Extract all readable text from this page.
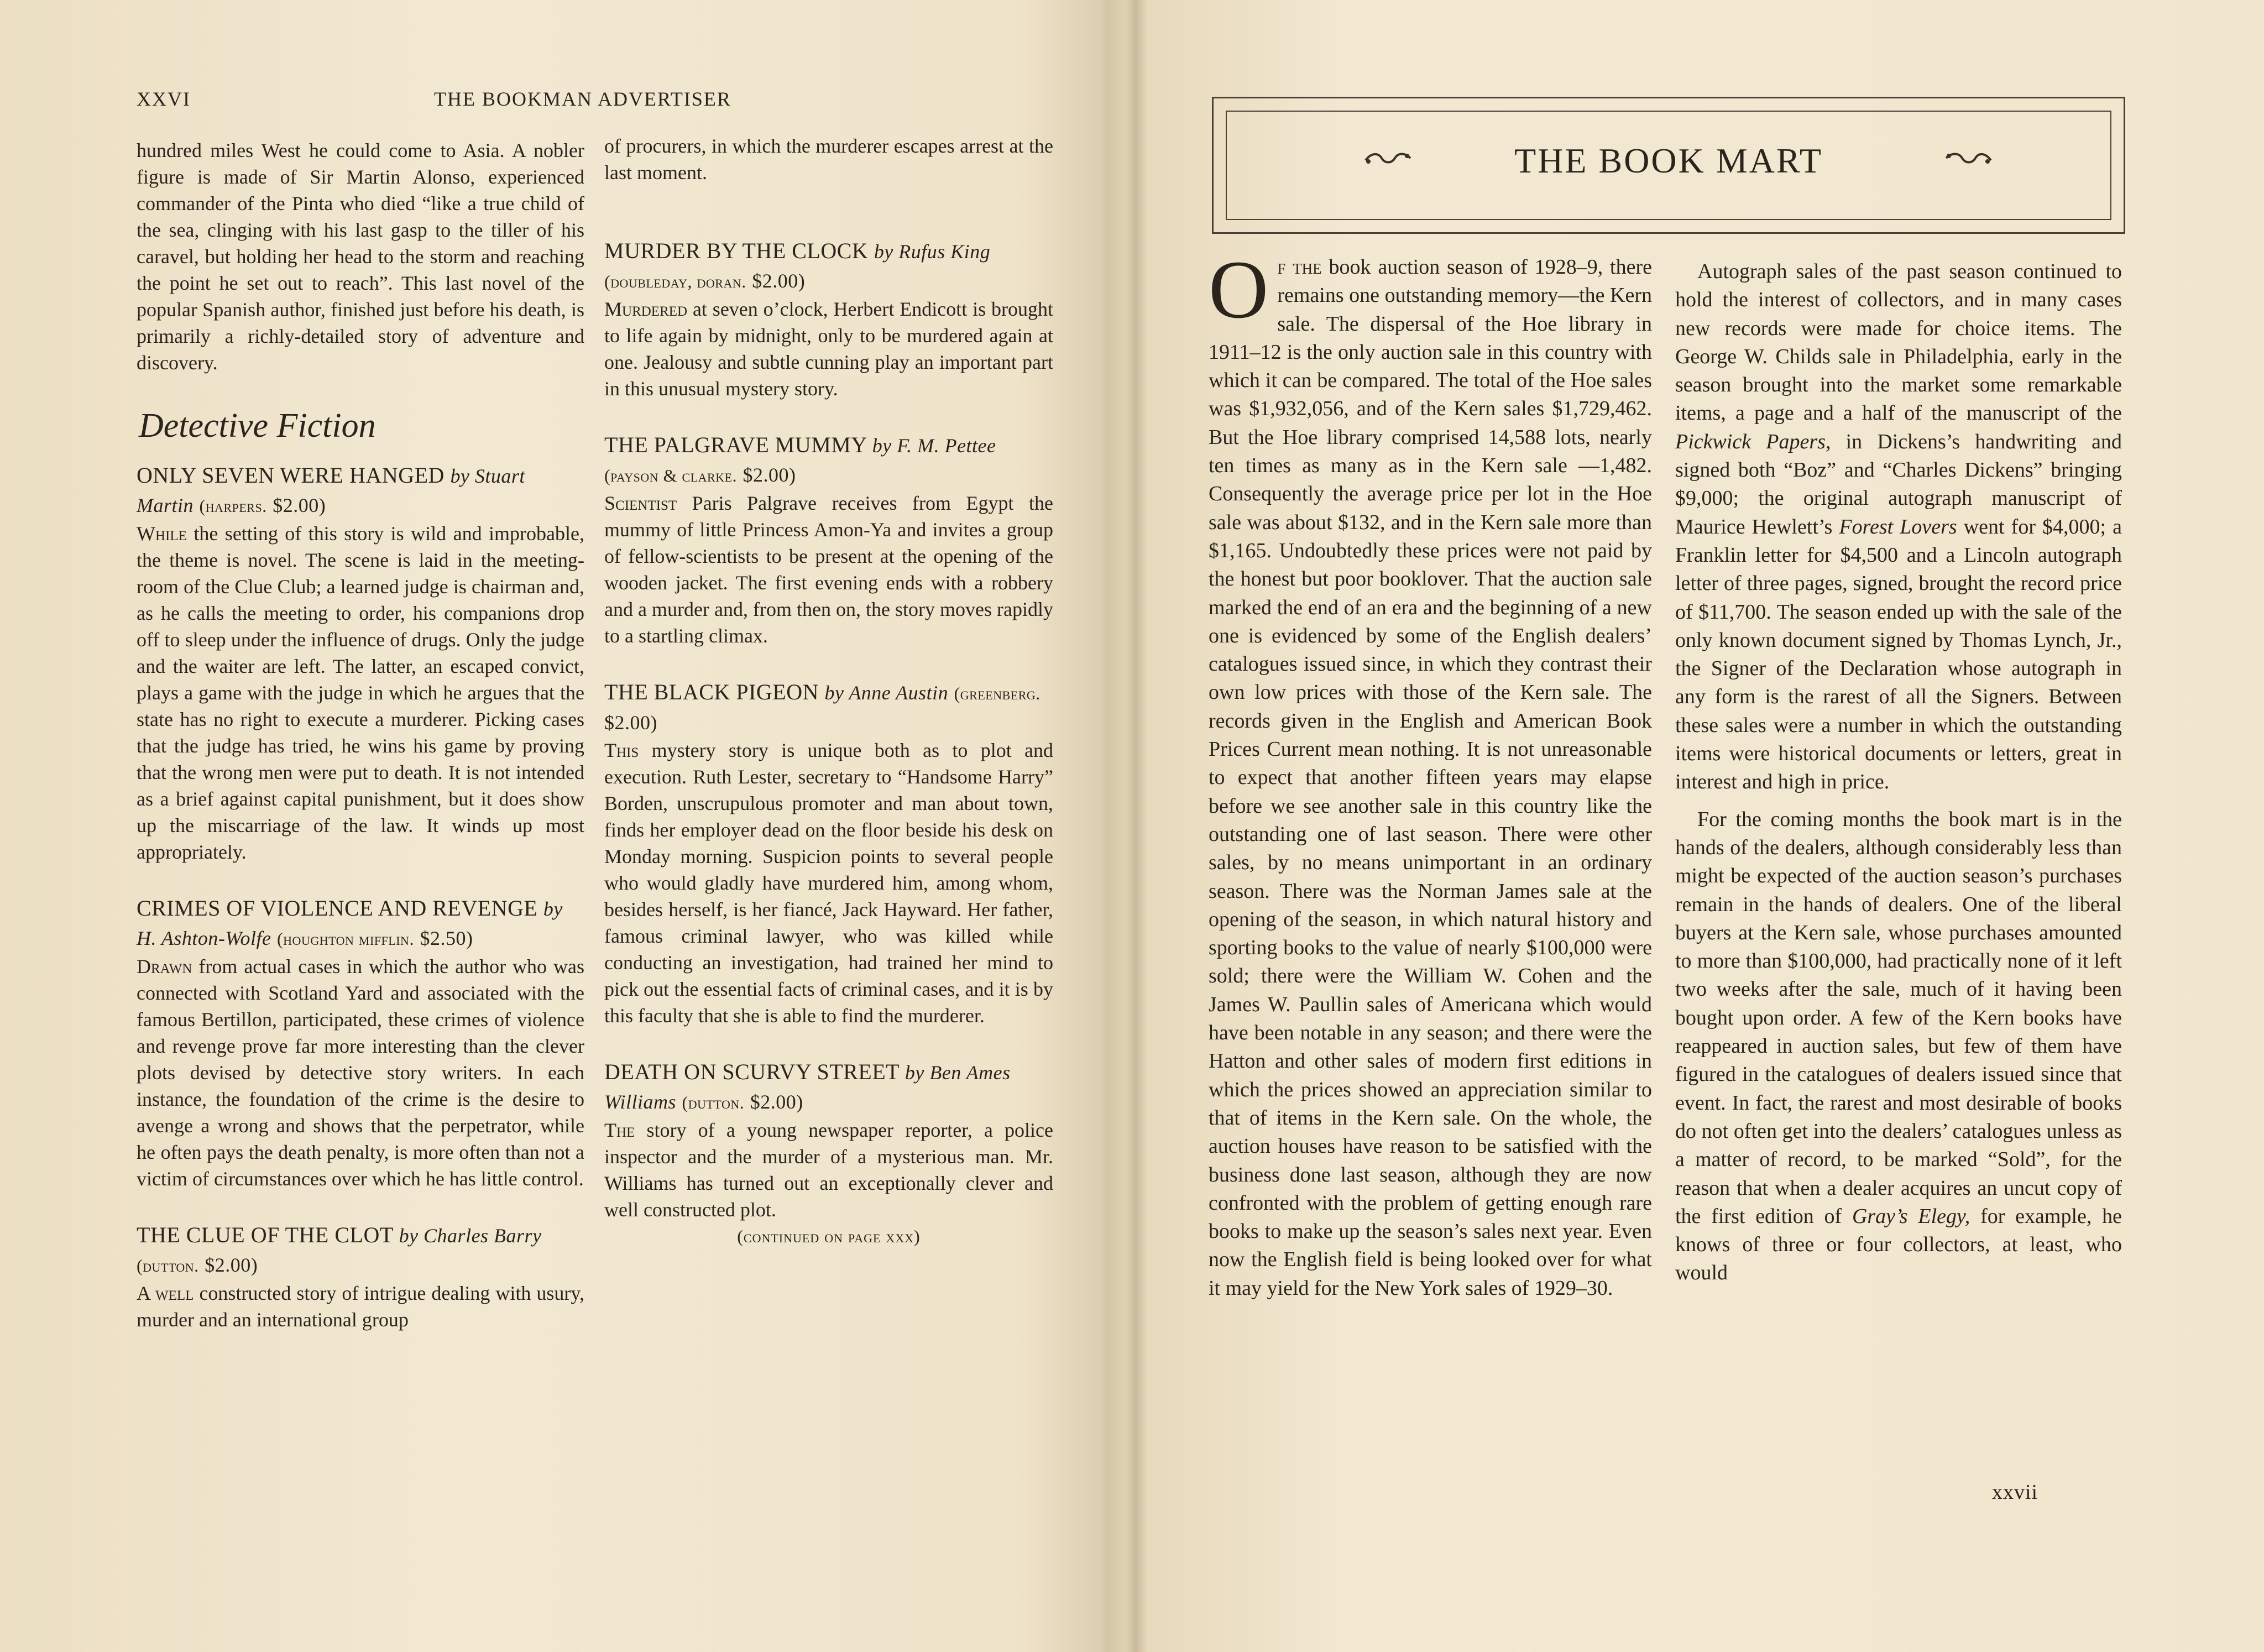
XXVI	THE BOOKMAN ADVERTISER

hundred miles West he could come to Asia. A nobler figure is made of Sir Martin Alonso, experienced commander of the Pinta who died “like a true child of the sea, clinging with his last gasp to the tiller of his caravel, but holding her head to the storm and reaching the point he set out to reach”. This last novel of the popular Spanish author, finished just before his death, is primarily a richly-detailed story of adventure and discovery.

Detective Fiction

ONLY SEVEN WERE HANGED by Stuart Martin (harpers. $2.00)

While the setting of this story is wild and improbable, the theme is novel. The scene is laid in the meeting-room of the Clue Club; a learned judge is chairman and, as he calls the meeting to order, his companions drop off to sleep under the influence of drugs. Only the judge and the waiter are left. The latter, an escaped convict, plays a game with the judge in which he argues that the state has no right to execute a murderer. Picking cases that the judge has tried, he wins his game by proving that the wrong men were put to death. It is not intended as a brief against capital punishment, but it does show up the miscarriage of the law. It winds up most appropriately.

CRIMES OF VIOLENCE AND REVENGE by H. Ashton-Wolfe (houghton mifflin. $2.50)

Drawn from actual cases in which the author who was connected with Scotland Yard and associated with the famous Bertillon, participated, these crimes of violence and revenge prove far more interesting than the clever plots devised by detective story writers. In each instance, the foundation of the crime is the desire to avenge a wrong and shows that the perpetrator, while he often pays the death penalty, is more often than not a victim of circumstances over which he has little control.

THE CLUE OF THE CLOT by Charles Barry (dutton. $2.00)

A well constructed story of intrigue dealing with usury, murder and an international group

of procurers, in which the murderer escapes arrest at the last moment.

MURDER BY THE CLOCK by Rufus King (doubleday, doran. $2.00)

Murdered at seven o’clock, Herbert Endicott is brought to life again by midnight, only to be murdered again at one. Jealousy and subtle cunning play an important part in this unusual mystery story.

THE PALGRAVE MUMMY by F. M. Pettee (payson & clarke. $2.00)

Scientist Paris Palgrave receives from Egypt the mummy of little Princess Amon-Ya and invites a group of fellow-scientists to be present at the opening of the wooden jacket. The first evening ends with a robbery and a murder and, from then on, the story moves rapidly to a startling climax.

THE BLACK PIGEON by Anne Austin (greenberg. $2.00)

This mystery story is unique both as to plot and execution. Ruth Lester, secretary to “Handsome Harry” Borden, unscrupulous promoter and man about town, finds her employer dead on the floor beside his desk on Monday morning. Suspicion points to several people who would gladly have murdered him, among whom, besides herself, is her fiancé, Jack Hayward. Her father, famous criminal lawyer, who was killed while conducting an investigation, had trained her mind to pick out the essential facts of criminal cases, and it is by this faculty that she is able to find the murderer.

DEATH ON SCURVY STREET by Ben Ames Williams (dutton. $2.00)

The story of a young newspaper reporter, a police inspector and the murder of a mysterious man. Mr. Williams has turned out an exceptionally clever and well constructed plot.

(continued on page xxx)

THE BOOK MART

Of the book auction season of 1928–9, there remains one outstanding memory—the Kern sale. The dispersal of the Hoe library in 1911–12 is the only auction sale in this country with which it can be compared. The total of the Hoe sales was $1,932,056, and of the Kern sales $1,729,462. But the Hoe library comprised 14,588 lots, nearly ten times as many as in the Kern sale —1,482. Consequently the average price per lot in the Hoe sale was about $132, and in the Kern sale more than $1,165. Undoubtedly these prices were not paid by the honest but poor booklover. That the auction sale marked the end of an era and the beginning of a new one is evidenced by some of the English dealers’ catalogues issued since, in which they contrast their own low prices with those of the Kern sale. The records given in the English and American Book Prices Current mean nothing. It is not unreasonable to expect that another fifteen years may elapse before we see another sale in this country like the outstanding one of last season. There were other sales, by no means unimportant in an ordinary season. There was the Norman James sale at the opening of the season, in which natural history and sporting books to the value of nearly $100,000 were sold; there were the William W. Cohen and the James W. Paullin sales of Americana which would have been notable in any season; and there were the Hatton and other sales of modern first editions in which the prices showed an appreciation similar to that of items in the Kern sale. On the whole, the auction houses have reason to be satisfied with the business done last season, although they are now confronted with the problem of getting enough rare books to make up the season’s sales next year. Even now the English field is being looked over for what it may yield for the New York sales of 1929–30.

Autograph sales of the past season continued to hold the interest of collectors, and in many cases new records were made for choice items. The George W. Childs sale in Philadelphia, early in the season brought into the market some remarkable items, a page and a half of the manuscript of the Pickwick Papers, in Dickens’s handwriting and signed both “Boz” and “Charles Dickens” bringing $9,000; the original autograph manuscript of Maurice Hewlett’s Forest Lovers went for $4,000; a Franklin letter for $4,500 and a Lincoln autograph letter of three pages, signed, brought the record price of $11,700. The season ended up with the sale of the only known document signed by Thomas Lynch, Jr., the Signer of the Declaration whose autograph in any form is the rarest of all the Signers. Between these sales were a number in which the outstanding items were historical documents or letters, great in interest and high in price.

For the coming months the book mart is in the hands of the dealers, although considerably less than might be expected of the auction season’s purchases remain in the hands of dealers. One of the liberal buyers at the Kern sale, whose purchases amounted to more than $100,000, had practically none of it left two weeks after the sale, much of it having been bought upon order. A few of the Kern books have reappeared in auction sales, but few of them have figured in the catalogues of dealers issued since that event. In fact, the rarest and most desirable of books do not often get into the dealers’ catalogues unless as a matter of record, to be marked “Sold”, for the reason that when a dealer acquires an uncut copy of the first edition of Gray’s Elegy, for example, he knows of three or four collectors, at least, who would

xxvii
